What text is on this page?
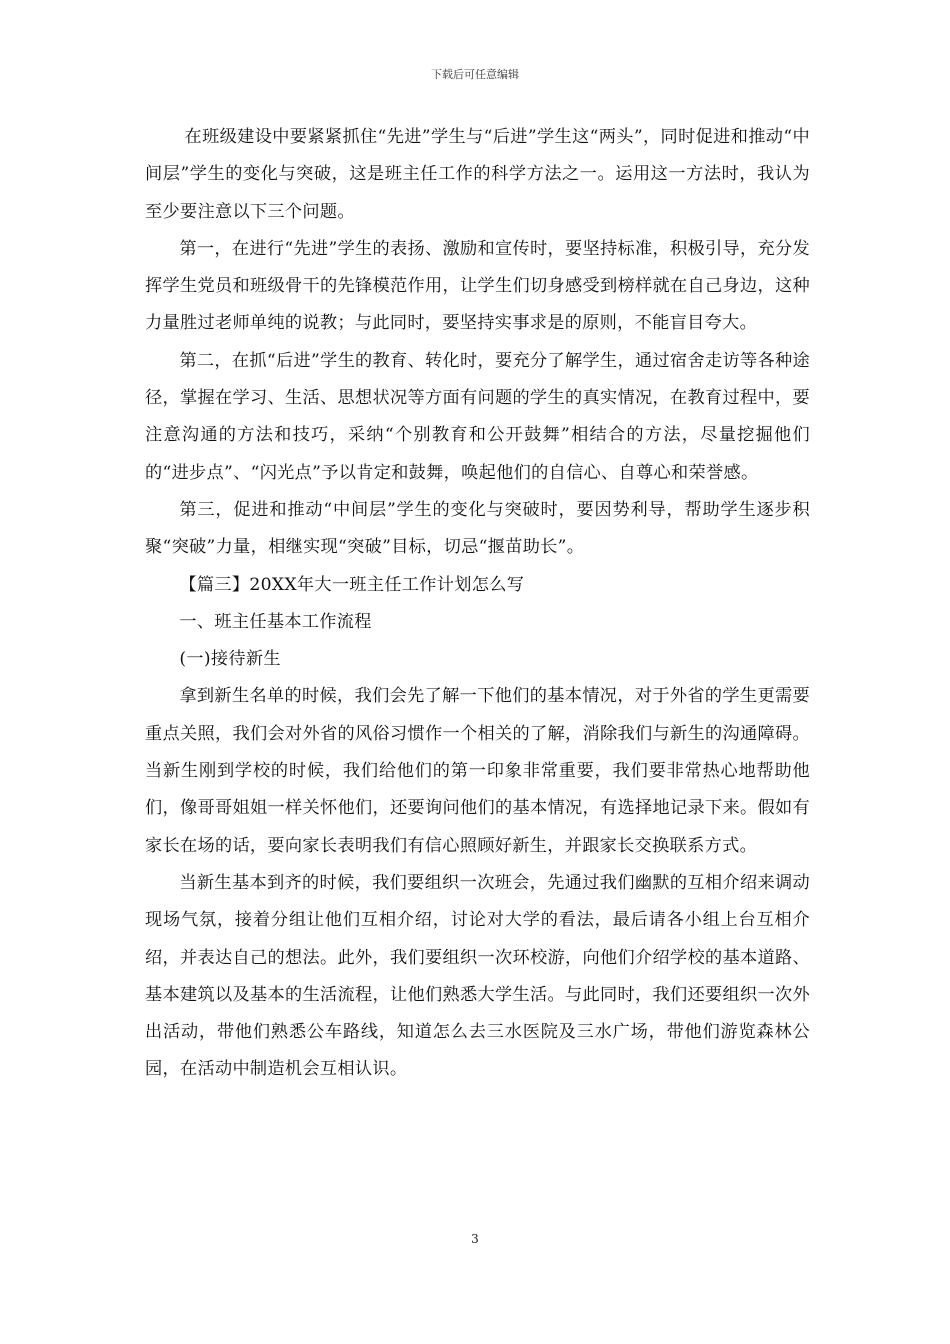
下载后可任意编辑

在班级建设中要紧紧抓住“先进”学生与“后进”学生这“两头”，同时促进和推动“中间层”学生的变化与突破，这是班主任工作的科学方法之一。运用这一方法时，我认为至少要注意以下三个问题。

第一，在进行“先进”学生的表扬、激励和宣传时，要坚持标准，积极引导，充分发挥学生党员和班级骨干的先锋模范作用，让学生们切身感受到榜样就在自己身边，这种力量胜过老师单纯的说教；与此同时，要坚持实事求是的原则，不能盲目夸大。

第二，在抓“后进”学生的教育、转化时，要充分了解学生，通过宿舍走访等各种途径，掌握在学习、生活、思想状况等方面有问题的学生的真实情况，在教育过程中，要注意沟通的方法和技巧，采纳“个别教育和公开鼓舞”相结合的方法，尽量挖掘他们的“进步点”、“闪光点”予以肯定和鼓舞，唤起他们的自信心、自尊心和荣誉感。

第三，促进和推动“中间层”学生的变化与突破时，要因势利导，帮助学生逐步积聚“突破”力量，相继实现“突破”目标，切忌“揠苗助长”。

【篇三】20XX年大一班主任工作计划怎么写

一、班主任基本工作流程

(一)接待新生

拿到新生名单的时候，我们会先了解一下他们的基本情况，对于外省的学生更需要重点关照，我们会对外省的风俗习惯作一个相关的了解，消除我们与新生的沟通障碍。当新生刚到学校的时候，我们给他们的第一印象非常重要，我们要非常热心地帮助他们，像哥哥姐姐一样关怀他们，还要询问他们的基本情况，有选择地记录下来。假如有家长在场的话，要向家长表明我们有信心照顾好新生，并跟家长交换联系方式。

当新生基本到齐的时候，我们要组织一次班会，先通过我们幽默的互相介绍来调动现场气氛，接着分组让他们互相介绍，讨论对大学的看法，最后请各小组上台互相介绍，并表达自己的想法。此外，我们要组织一次环校游，向他们介绍学校的基本道路、基本建筑以及基本的生活流程，让他们熟悉大学生活。与此同时，我们还要组织一次外出活动，带他们熟悉公车路线，知道怎么去三水医院及三水广场，带他们游览森林公园，在活动中制造机会互相认识。

3
